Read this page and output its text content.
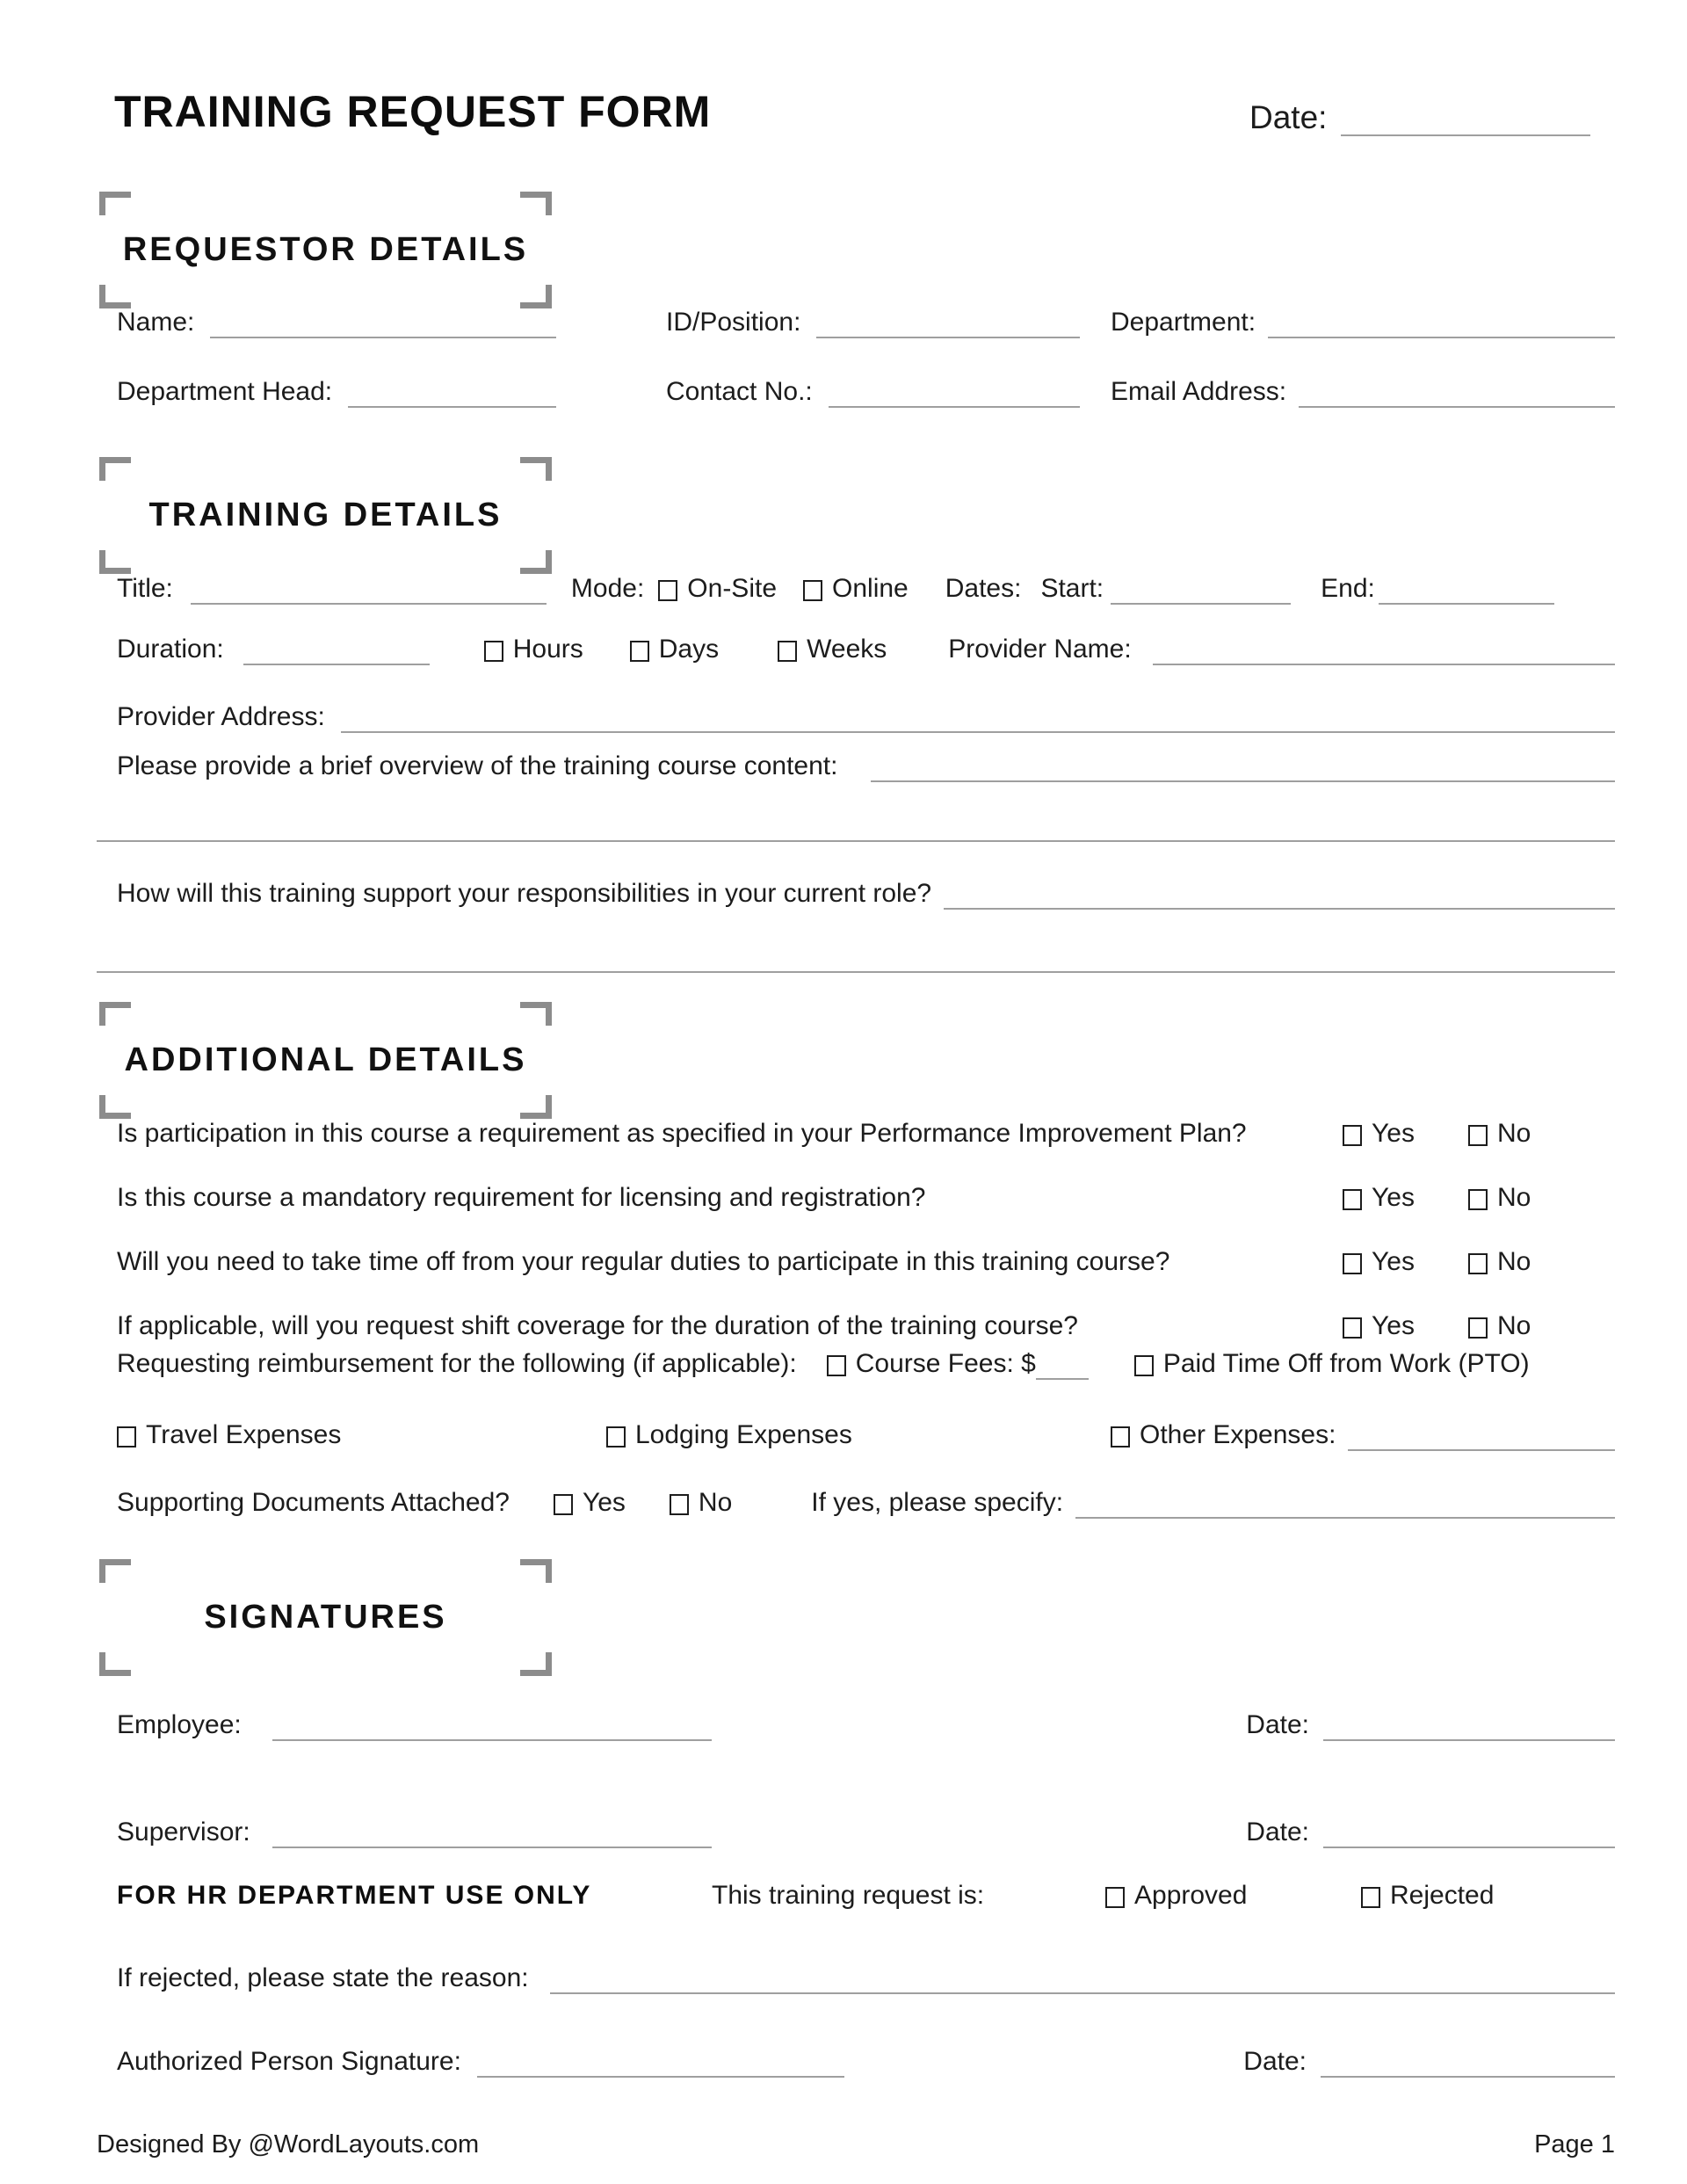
TRAINING REQUEST FORM	Date:
REQUESTOR DETAILS
Name:	ID/Position:	Department:
Department Head:	Contact No.:	Email Address:
TRAINING DETAILS
Title:	Mode: On-Site Online Dates: Start:	End:
Duration:	Hours	Days	Weeks Provider Name:
Provider Address:
Please provide a brief overview of the training course content:
How will this training support your responsibilities in your current role?
ADDITIONAL DETAILS
Is participation in this course a requirement as specified in your Performance Improvement Plan?	Yes	No
Is this course a mandatory requirement for licensing and registration?	Yes	No
Will you need to take time off from your regular duties to participate in this training course?	Yes	No
If applicable, will you request shift coverage for the duration of the training course?	Yes	No
Requesting reimbursement for the following (if applicable): Course Fees: $	Paid Time Off from Work (PTO)
Travel Expenses	Lodging Expenses	Other Expenses:
Supporting Documents Attached?	Yes	No	If yes, please specify:
SIGNATURES
Employee:	Date:
Supervisor:	Date:
FOR HR DEPARTMENT USE ONLY	This training request is:	Approved	Rejected
If rejected, please state the reason:
Authorized Person Signature:	Date:
Designed By @WordLayouts.com	Page 1
